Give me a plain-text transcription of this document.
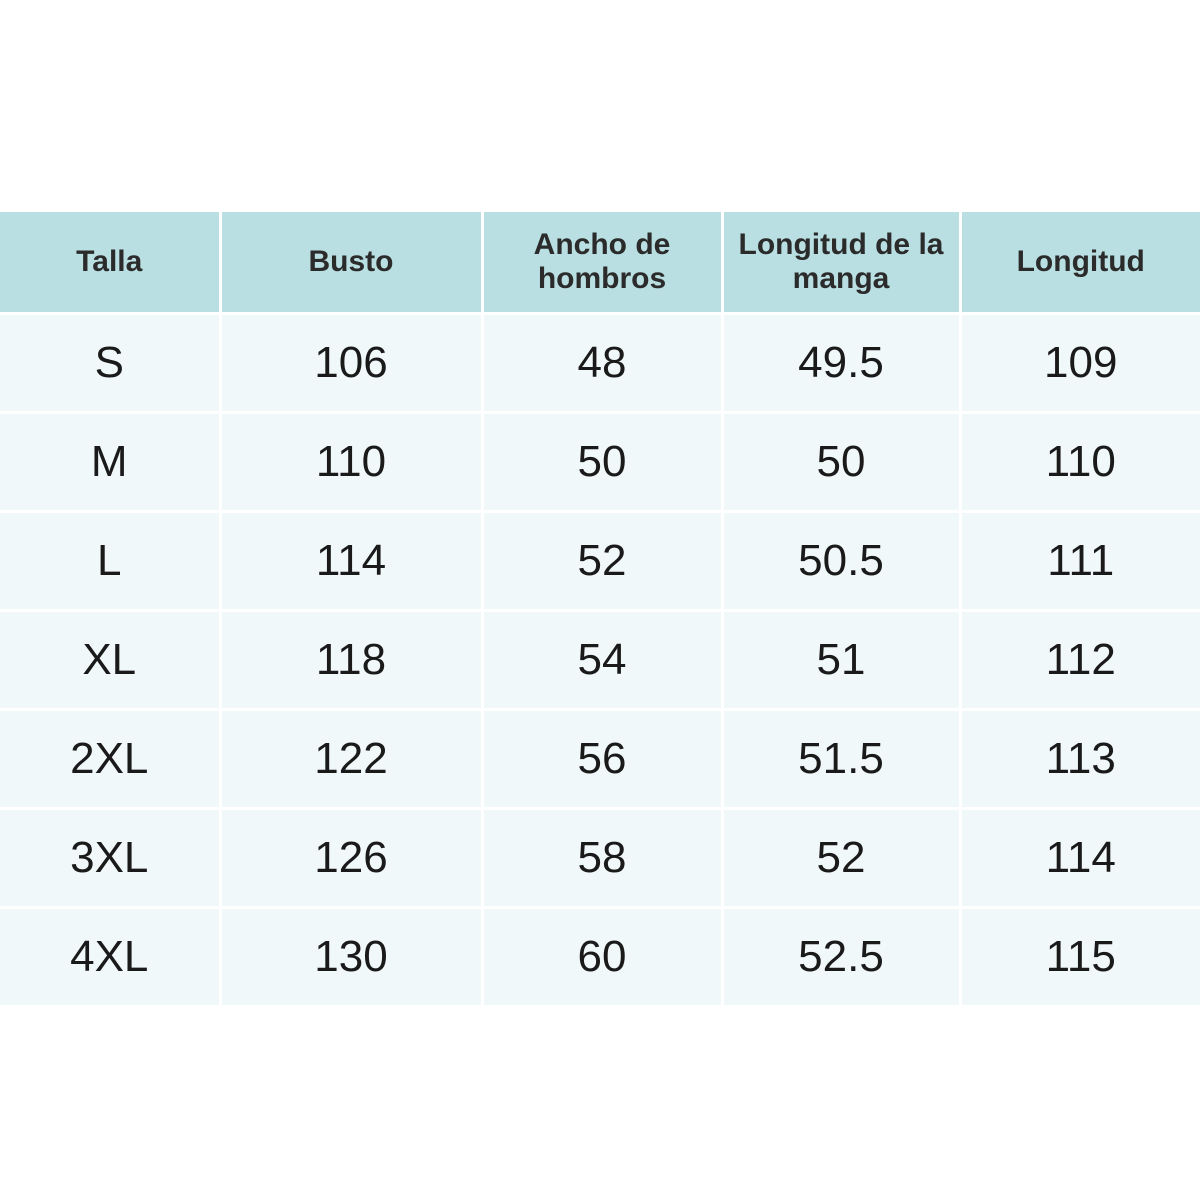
Talla	Busto	Ancho de hombros	Longitud de la manga	Longitud
S	106	48	49.5	109
M	110	50	50	110
L	114	52	50.5	111
XL	118	54	51	112
2XL	122	56	51.5	113
3XL	126	58	52	114
4XL	130	60	52.5	115
